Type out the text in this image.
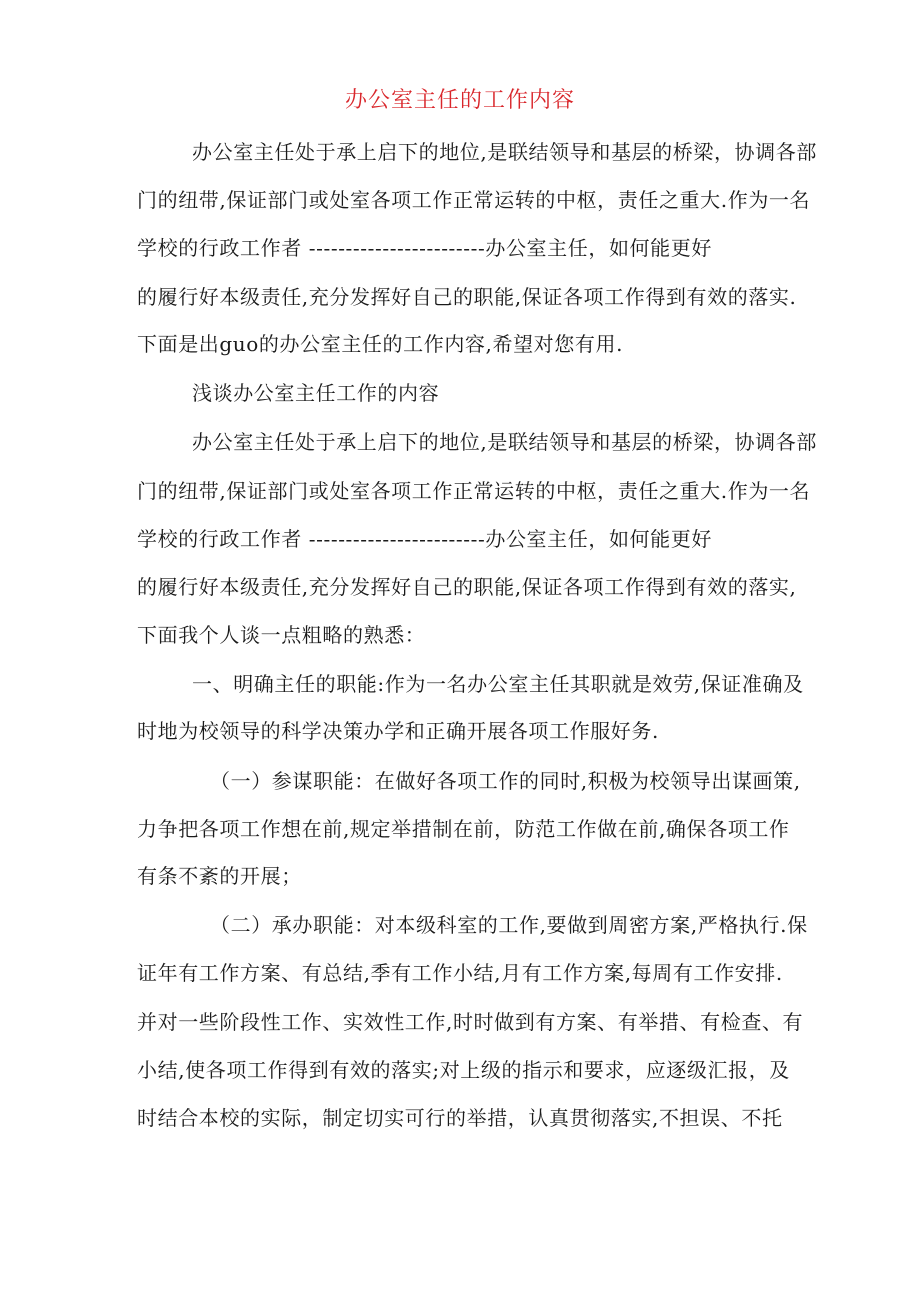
办公室主任的工作内容
办公室主任处于承上启下的地位,是联结领导和基层的桥梁，协调各部
门的纽带,保证部门或处室各项工作正常运转的中枢，责任之重大.作为一名
学校的行政工作者 ------------------------办公室主任，如何能更好
的履行好本级责任,充分发挥好自己的职能,保证各项工作得到有效的落实.
下面是出guo的办公室主任的工作内容,希望对您有用.
浅谈办公室主任工作的内容
办公室主任处于承上启下的地位,是联结领导和基层的桥梁，协调各部
门的纽带,保证部门或处室各项工作正常运转的中枢，责任之重大.作为一名
学校的行政工作者 ------------------------办公室主任，如何能更好
的履行好本级责任,充分发挥好自己的职能,保证各项工作得到有效的落实,
下面我个人谈一点粗略的熟悉：
一、明确主任的职能:作为一名办公室主任其职就是效劳,保证准确及
时地为校领导的科学决策办学和正确开展各项工作服好务.
（一）参谋职能：在做好各项工作的同时,积极为校领导出谋画策,
力争把各项工作想在前,规定举措制在前，防范工作做在前,确保各项工作
有条不紊的开展；
（二）承办职能：对本级科室的工作,要做到周密方案,严格执行.保
证年有工作方案、有总结,季有工作小结,月有工作方案,每周有工作安排.
并对一些阶段性工作、实效性工作,时时做到有方案、有举措、有检查、有
小结,使各项工作得到有效的落实;对上级的指示和要求，应逐级汇报，及
时结合本校的实际，制定切实可行的举措，认真贯彻落实,不担误、不托
